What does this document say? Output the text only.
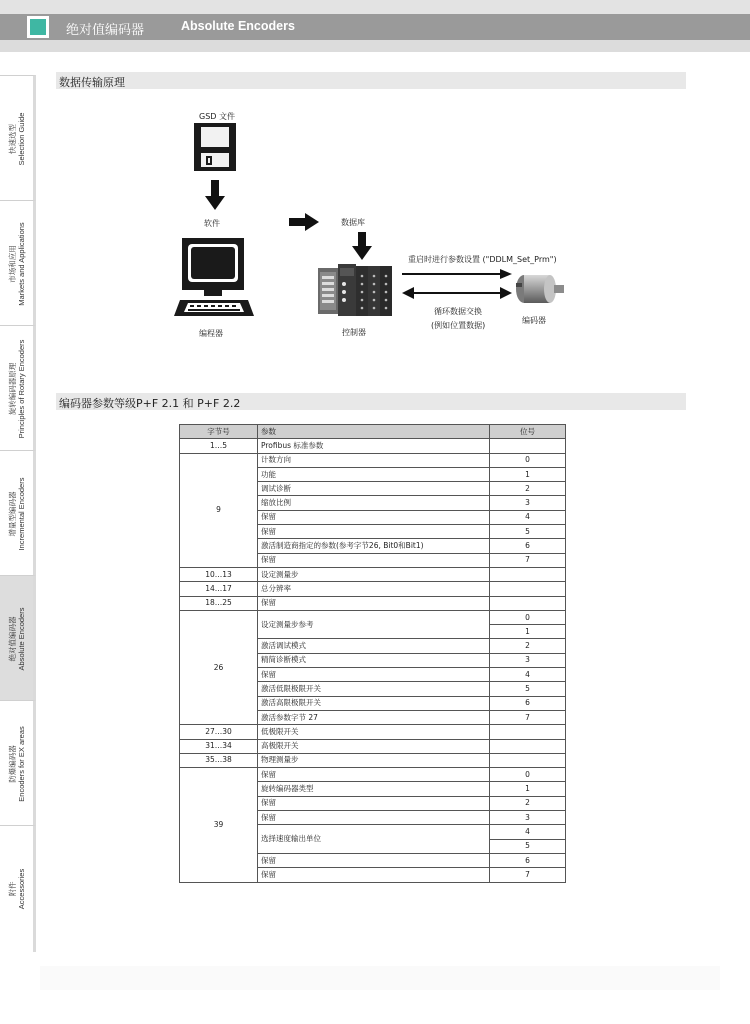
绝对值编码器	Absolute Encoders
快速选型 Selection Guide
市场和应用 Markets and Applications
旋转编码器原理 Principles of Rotary Encoders
增量型编码器 Incremental Encoders
绝对值编码器 Absolute Encoders
防爆编码器 Encoders for EX areas
附件 Accessories
数据传输原理
GSD 文件
软件
编程器
数据库
控制器
重启时进行参数设置 ("DDLM_Set_Prm")
循环数据交换
(例如位置数据)
编码器
编码器参数等级P+F 2.1 和 P+F 2.2
字节号	参数	位号
1…5	Profibus 标准参数	
9	计数方向	0
	功能	1
	调试诊断	2
	缩放比例	3
	保留	4
	保留	5
	激活制造商指定的参数(参考字节26, Bit0和Bit1)	6
	保留	7
10…13	设定测量步	
14…17	总分辨率	
18…25	保留	
26	设定测量步参考	0
		1
	激活调试模式	2
	精简诊断模式	3
	保留	4
	激活低限极限开关	5
	激活高限极限开关	6
	激活参数字节 27	7
27…30	低极限开关	
31…34	高极限开关	
35…38	物理测量步	
39	保留	0
	旋转编码器类型	1
	保留	2
	保留	3
	选择速度输出单位	4
		5
	保留	6
	保留	7
